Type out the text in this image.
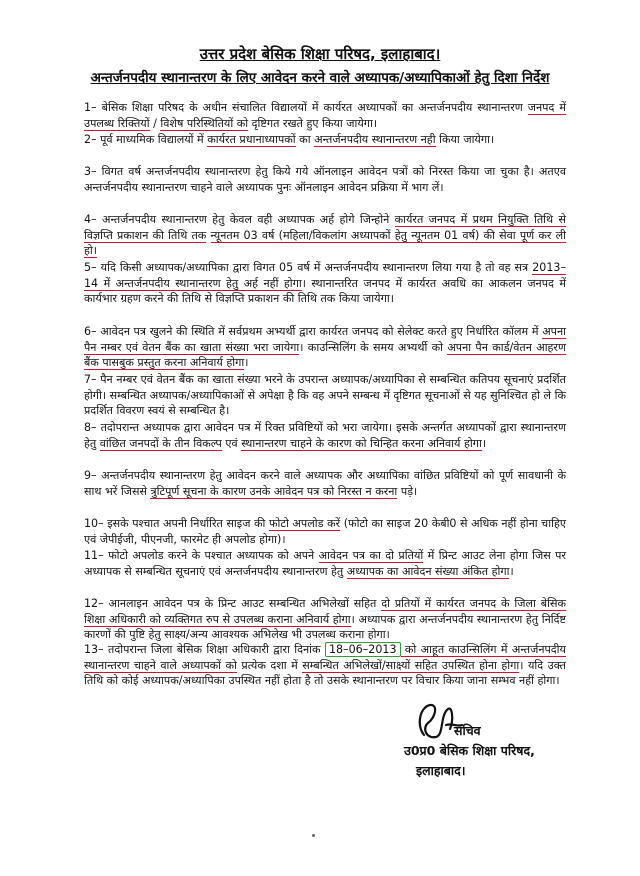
उत्तर प्रदेश बेसिक शिक्षा परिषद, इलाहाबाद।
अन्तर्जनपदीय स्थानान्तरण के लिए आवेदन करने वाले अध्यापक/अध्यापिकाओं हेतु दिशा निर्देश

1– बेसिक शिक्षा परिषद के अधीन संचालित विद्यालयों में कार्यरत अध्यापकों का अन्तर्जनपदीय स्थानान्तरण जनपद में उपलब्ध रिक्तियों / विशेष परिस्थितियों को दृष्टिगत रखते हुए किया जायेगा।

2– पूर्व माध्यमिक विद्यालयों में कार्यरत प्रधानाध्यापकों का अन्तर्जनपदीय स्थानान्तरण नही किया जायेगा।

3– विगत वर्ष अन्तर्जनपदीय स्थानान्तरण हेतु किये गये ऑनलाइन आवेदन पत्रों को निरस्त किया जा चुका है। अतएव अन्तर्जनपदीय स्थानान्तरण चाहने वाले अध्यापक पुनः ऑनलाइन आवेदन प्रक्रिया में भाग लें।

4– अन्तर्जनपदीय स्थानान्तरण हेतु केवल वही अध्यापक अर्ह होगे जिन्होने कार्यरत जनपद में प्रथम नियुक्ति तिथि से विज्ञप्ति प्रकाशन की तिथि तक न्यूनतम 03 वर्ष (महिला/विकलांग अध्यापकों हेतु न्यूनतम 01 वर्ष) की सेवा पूर्ण कर ली हो।

5– यदि किसी अध्यापक/अध्यापिका द्वारा विगत 05 वर्ष में अन्तर्जनपदीय स्थानान्तरण लिया गया है तो वह सत्र 2013–14 में अन्तर्जनपदीय स्थानान्तरण हेतु अर्ह नहीं होगा। स्थानान्तरित जनपद में कार्यरत अवधि का आकलन जनपद में कार्यभार ग्रहण करने की तिथि से विज्ञप्ति प्रकाशन की तिथि तक किया जायेगा।

6– आवेदन पत्र खुलने की स्थिति में सर्वप्रथम अभ्यर्थी द्वारा कार्यरत जनपद को सेलेक्ट करते हुए निर्धारित कॉलम में अपना पैन नम्बर एवं वेतन बैंक का खाता संख्या भरा जायेगा। काउन्सिलिंग के समय अभ्यर्थी को अपना पैन कार्ड/वेतन आहरण बैंक पासबुक प्रस्तुत करना अनिवार्य होगा।

7– पैन नम्बर एवं वेतन बैंक का खाता संख्या भरने के उपरान्त अध्यापक/अध्यापिका से सम्बन्धित कतिपय सूचनाएं प्रदर्शित होगी। सम्बन्धित अध्यापक/अध्यापिकाओं से अपेक्षा है कि वह अपने सम्बन्ध में दृष्टिगत सूचनाओं से यह सुनिश्चित हो ले कि प्रदर्शित विवरण स्वयं से सम्बन्धित है।

8– तदोपरान्त अध्यापक द्वारा आवेदन पत्र में रिक्त प्रविष्टियों को भरा जायेगा। इसके अन्तर्गत अध्यापकों द्वारा स्थानान्तरण हेतु वांछित जनपदों के तीन विकल्प एवं स्थानान्तरण चाहने के कारण को चिन्हित करना अनिवार्य होगा।

9– अन्तर्जनपदीय स्थानान्तरण हेतु आवेदन करने वाले अध्यापक और अध्यापिका वांछित प्रविष्टियों को पूर्ण सावधानी के साथ भरें जिससे त्रुटिपूर्ण सूचना के कारण उनके आवेदन पत्र को निरस्त न करना पड़े।

10– इसके पश्चात अपनी निर्धारित साइज की फोटो अपलोड करें (फोटो का साइज 20 केबी0 से अधिक नहीं होना चाहिए एवं जेपीईजी, पीएनजी, फारमेट ही अपलोड होगा)।

11– फोटो अपलोड करने के पश्चात अध्यापक को अपने आवेदन पत्र का दो प्रतियों में प्रिन्ट आउट लेना होगा जिस पर अध्यापक से सम्बन्धित सूचनाएं एवं अन्तर्जनपदीय स्थानान्तरण हेतु अध्यापक का आवेदन संख्या अंकित होगा।

12– आनलाइन आवेदन पत्र के प्रिन्ट आउट सम्बन्धित अभिलेखों सहित दो प्रतियों में कार्यरत जनपद के जिला बेसिक शिक्षा अधिकारी को व्यक्तिगत रुप से उपलब्ध कराना अनिवार्य होगा। अध्यापक द्वारा अन्तर्जनपदीय स्थानान्तरण हेतु निर्दिष्ट कारणों की पुष्टि हेतु साक्ष्य/अन्य आवश्यक अभिलेख भी उपलब्ध कराना होगा।

13– तदोपरान्त जिला बेसिक शिक्षा अधिकारी द्वारा दिनांक 18–06–2013 को आहूत काउन्सिलिंग में अन्तर्जनपदीय स्थानान्तरण चाहने वाले अध्यापकों को प्रत्येक दशा में सम्बन्धित अभिलेखों/साक्ष्यों सहित उपस्थित होना होगा। यदि उक्त तिथि को कोई अध्यापक/अध्यापिका उपस्थित नहीं होता है तो उसके स्थानान्तरण पर विचार किया जाना सम्भव नहीं होगा।

सचिव
उ0प्र0 बेसिक शिक्षा परिषद,
इलाहाबाद।
